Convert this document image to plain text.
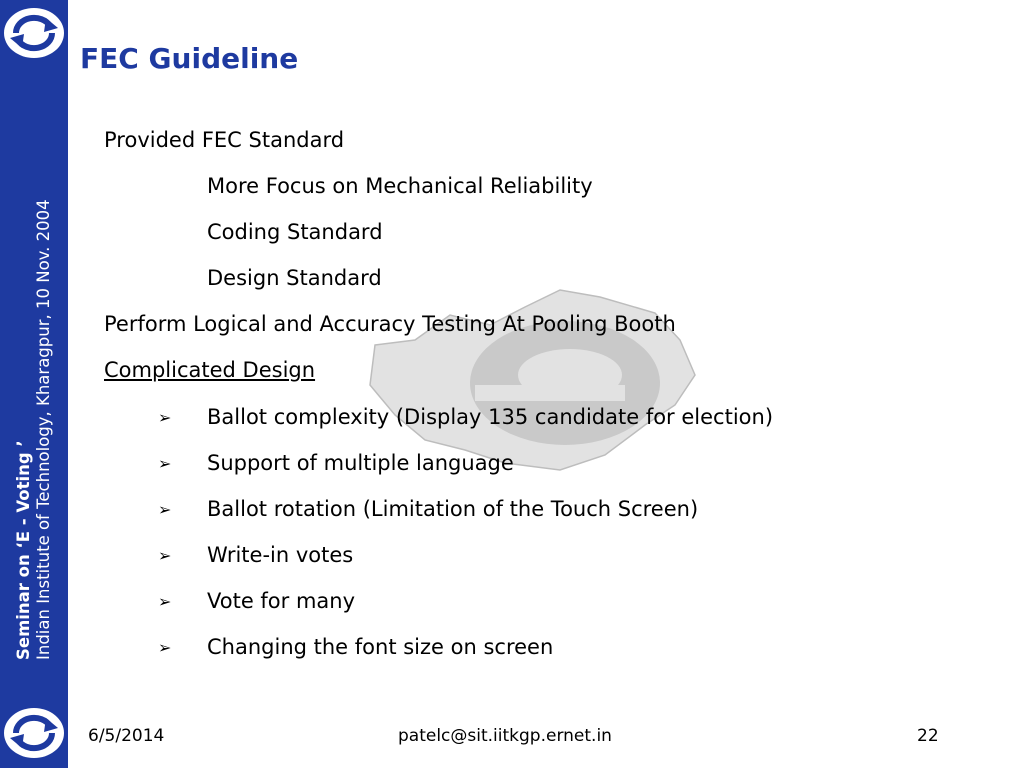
Seminar on ‘E - Voting ’ Indian Institute of Technology, Kharagpur, 10 Nov. 2004
FEC Guideline
Provided FEC Standard
More Focus on Mechanical Reliability
Coding Standard
Design Standard
Perform Logical and Accuracy Testing At Pooling Booth
Complicated Design
➢ Ballot complexity (Display 135 candidate for election)
➢ Support of multiple language
➢ Ballot rotation (Limitation of the Touch Screen)
➢ Write-in votes
➢ Vote for many
➢ Changing the font size on screen
6/5/2014	patelc@sit.iitkgp.ernet.in	22
